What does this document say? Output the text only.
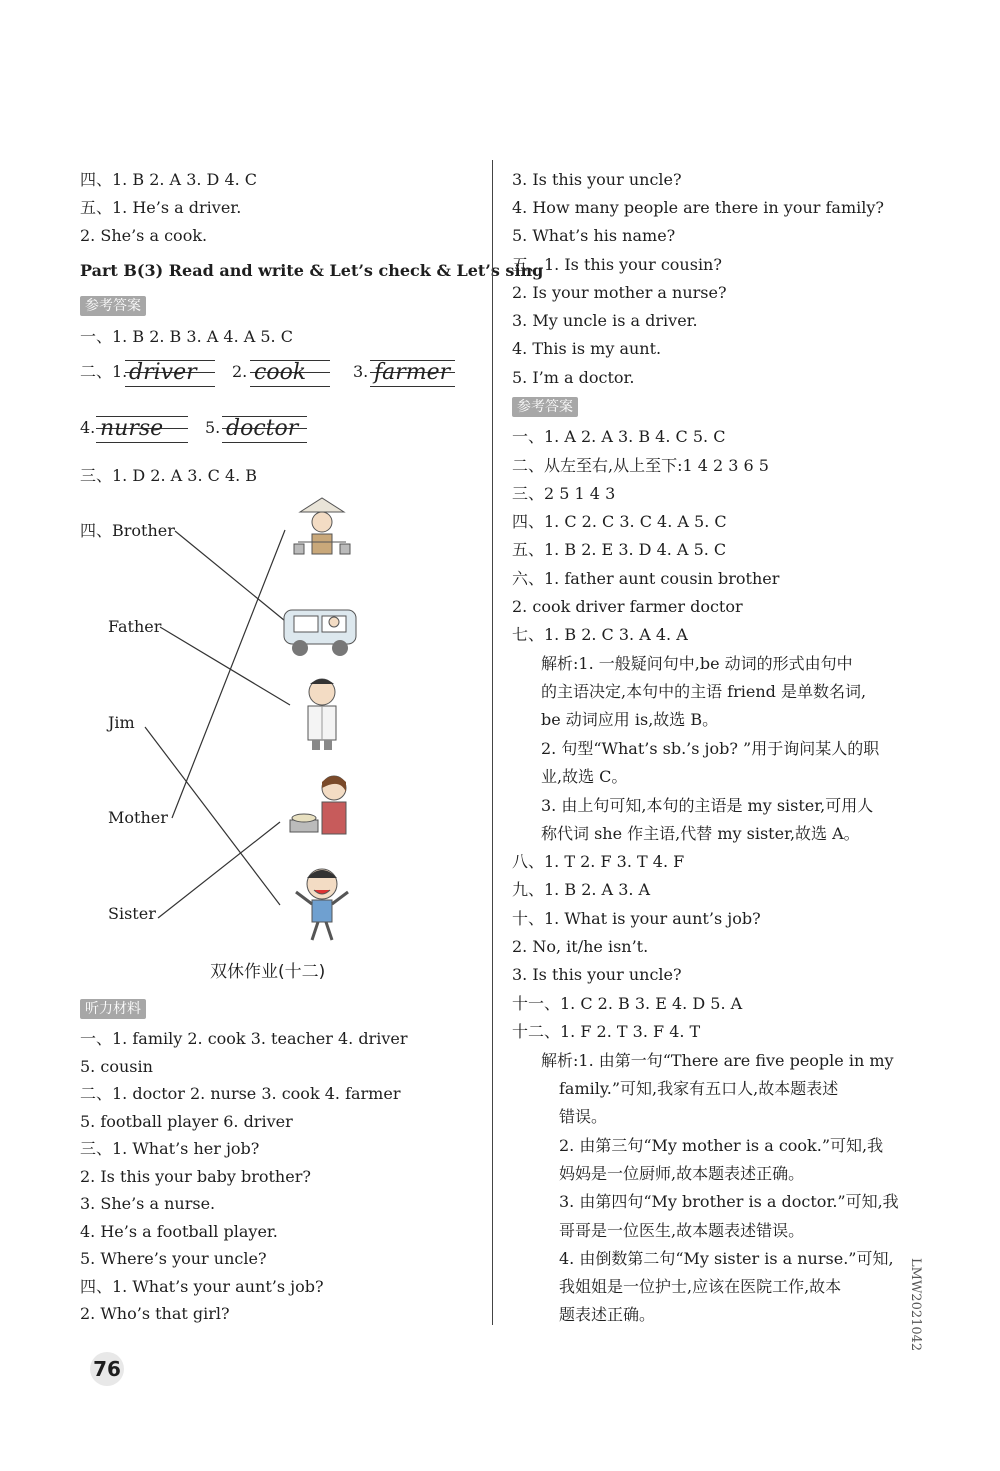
四、1. B 2. A 3. D 4. C
五、1. He’s a driver.
2. She’s a cook.
Part B(3) Read and write & Let’s check & Let’s sing
参考答案
一、1. B 2. B 3. A 4. A 5. C
二、1. driver 2. cook	3. farmer
4. nurse	5. doctor
三、1. D 2. A 3. C 4. B
四、Brother
Father
Jim
Mother
Sister
双休作业(十二)
听力材料
一、1. family 2. cook 3. teacher 4. driver
5. cousin
二、1. doctor 2. nurse 3. cook 4. farmer
5. football player 6. driver
三、1. What’s her job?
2. Is this your baby brother?
3. She’s a nurse.
4. He’s a football player.
5. Where’s your uncle?
四、1. What’s your aunt’s job?
2. Who’s that girl?
76
3. Is this your uncle?
4. How many people are there in your family?
5. What’s his name?
五、1. Is this your cousin?
2. Is your mother a nurse?
3. My uncle is a driver.
4. This is my aunt.
5. I’m a doctor.
参考答案
一、1. A 2. A 3. B 4. C 5. C
二、从左至右,从上至下:1 4 2 3 6 5
三、2 5 1 4 3
四、1. C 2. C 3. C 4. A 5. C
五、1. B 2. E 3. D 4. A 5. C
六、1. father aunt cousin brother
2. cook driver farmer doctor
七、1. B 2. C 3. A 4. A
解析:1. 一般疑问句中,be 动词的形式由句中
的主语决定,本句中的主语 friend 是单数名词,
be 动词应用 is,故选 B。
2. 句型“What’s sb.’s job? ”用于询问某人的职
业,故选 C。
3. 由上句可知,本句的主语是 my sister,可用人
称代词 she 作主语,代替 my sister,故选 A。
八、1. T 2. F 3. T 4. F
九、1. B 2. A 3. A
十、1. What is your aunt’s job?
2. No, it/he isn’t.
3. Is this your uncle?
十一、1. C 2. B 3. E 4. D 5. A
十二、1. F 2. T 3. F 4. T
解析:1. 由第一句“There are five people in my
family.”可知,我家有五口人,故本题表述
错误。
2. 由第三句“My mother is a cook.”可知,我
妈妈是一位厨师,故本题表述正确。
3. 由第四句“My brother is a doctor.”可知,我
哥哥是一位医生,故本题表述错误。
4. 由倒数第二句“My sister is a nurse.”可知,
我姐姐是一位护士,应该在医院工作,故本
题表述正确。	LMW2021042
